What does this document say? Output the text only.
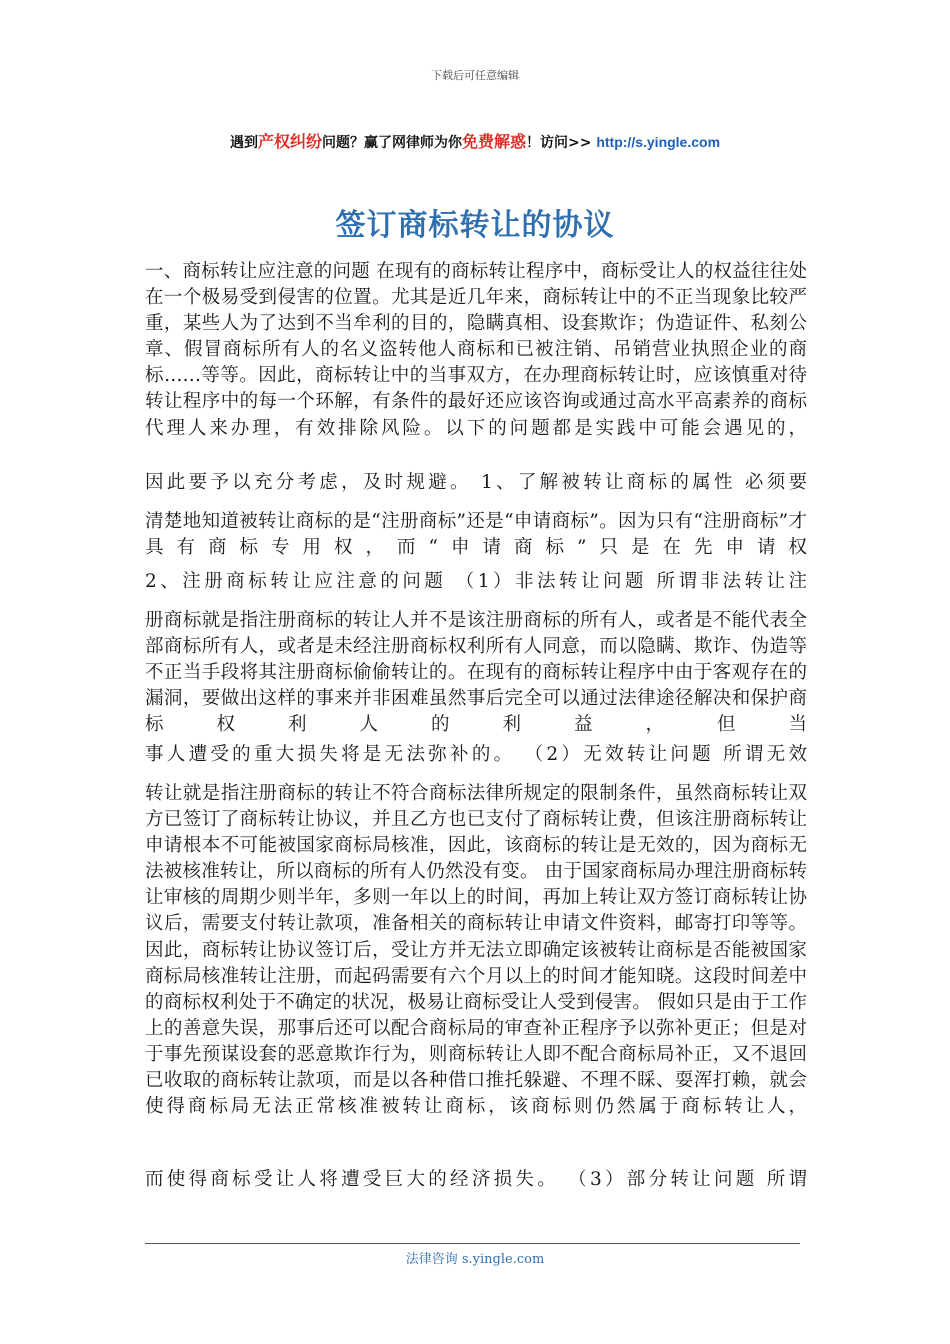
下载后可任意编辑
遇到产权纠纷问题？赢了网律师为你免费解惑！访问>> http://s.yingle.com
签订商标转让的协议

一、商标转让应注意的问题 在现有的商标转让程序中，商标受让人的权益往往处在一个极易受到侵害的位置。尤其是近几年来，商标转让中的不正当现象比较严重，某些人为了达到不当牟利的目的，隐瞒真相、设套欺诈；伪造证件、私刻公章、假冒商标所有人的名义盗转他人商标和已被注销、吊销营业执照企业的商标……等等。因此，商标转让中的当事双方，在办理商标转让时，应该慎重对待转让程序中的每一个环解，有条件的最好还应该咨询或通过高水平高素养的商标代理人来办理，有效排除风险。以下的问题都是实践中可能会遇见的，

因此要予以充分考虑，及时规避。 1、了解被转让商标的属性 必须要

清楚地知道被转让商标的是“注册商标”还是“申请商标”。因为只有“注册商标”才具有商标专用权，而“申请商标”只是在先申请权

2、注册商标转让应注意的问题 （1）非法转让问题 所谓非法转让注

册商标就是指注册商标的转让人并不是该注册商标的所有人，或者是不能代表全部商标所有人，或者是未经注册商标权利所有人同意，而以隐瞒、欺诈、伪造等不正当手段将其注册商标偷偷转让的。在现有的商标转让程序中由于客观存在的漏洞，要做出这样的事来并非困难虽然事后完全可以通过法律途径解决和保护商标权利人的利益，但当

事人遭受的重大损失将是无法弥补的。 （2）无效转让问题 所谓无效

转让就是指注册商标的转让不符合商标法律所规定的限制条件，虽然商标转让双方已签订了商标转让协议，并且乙方也已支付了商标转让费，但该注册商标转让申请根本不可能被国家商标局核准，因此，该商标的转让是无效的，因为商标无法被核准转让，所以商标的所有人仍然没有变。 由于国家商标局办理注册商标转让审核的周期少则半年，多则一年以上的时间，再加上转让双方签订商标转让协议后，需要支付转让款项，准备相关的商标转让申请文件资料，邮寄打印等等。因此，商标转让协议签订后，受让方并无法立即确定该被转让商标是否能被国家商标局核准转让注册，而起码需要有六个月以上的时间才能知晓。这段时间差中的商标权利处于不确定的状况，极易让商标受让人受到侵害。 假如只是由于工作上的善意失误，那事后还可以配合商标局的审查补正程序予以弥补更正；但是对于事先预谋设套的恶意欺诈行为，则商标转让人即不配合商标局补正，又不退回已收取的商标转让款项，而是以各种借口推托躲避、不理不睬、耍浑打赖，就会使得商标局无法正常核准被转让商标，该商标则仍然属于商标转让人，

而使得商标受让人将遭受巨大的经济损失。 （3）部分转让问题 所谓

法律咨询 s.yingle.com
